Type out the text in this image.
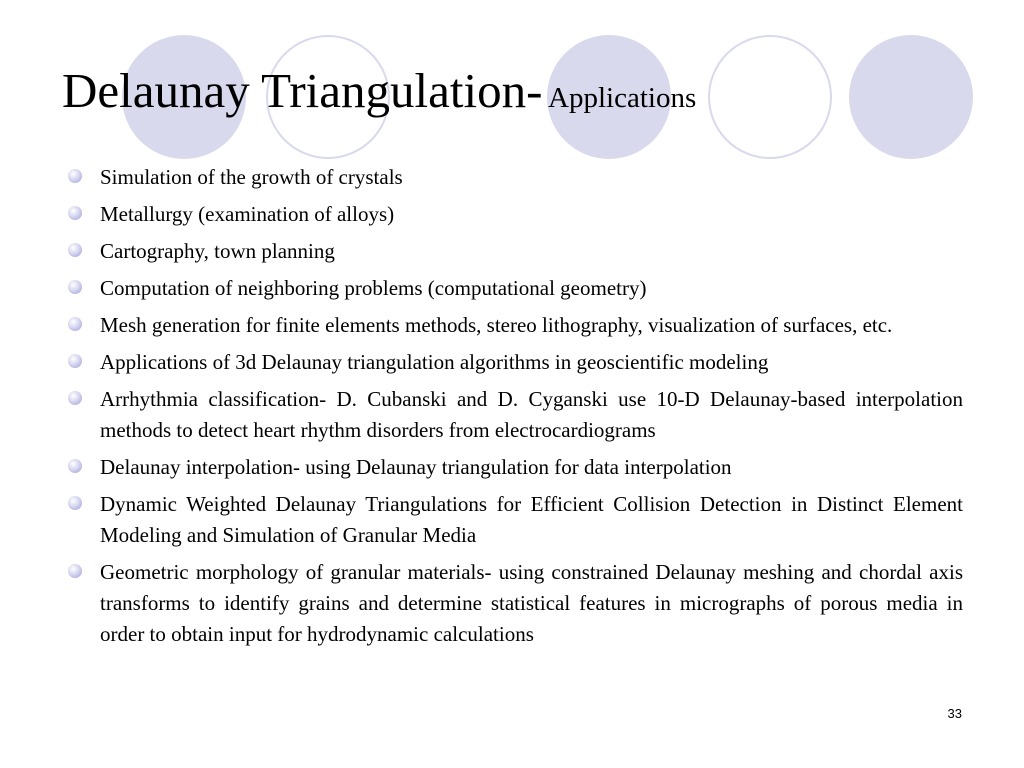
Delaunay Triangulation- Applications
Simulation of the growth of crystals
Metallurgy (examination of alloys)
Cartography, town planning
Computation of neighboring problems (computational geometry)
Mesh generation for finite elements methods, stereo lithography, visualization of surfaces, etc.
Applications of 3d Delaunay triangulation algorithms in geoscientific modeling
Arrhythmia classification- D. Cubanski and D. Cyganski use 10-D Delaunay-based interpolation methods to detect heart rhythm disorders from electrocardiograms
Delaunay interpolation- using Delaunay triangulation for data interpolation
Dynamic Weighted Delaunay Triangulations for Efficient Collision Detection in Distinct Element Modeling and Simulation of Granular Media
Geometric morphology of granular materials- using constrained Delaunay meshing and chordal axis transforms to identify grains and determine statistical features in micrographs of porous media in order to obtain input for hydrodynamic calculations
33
